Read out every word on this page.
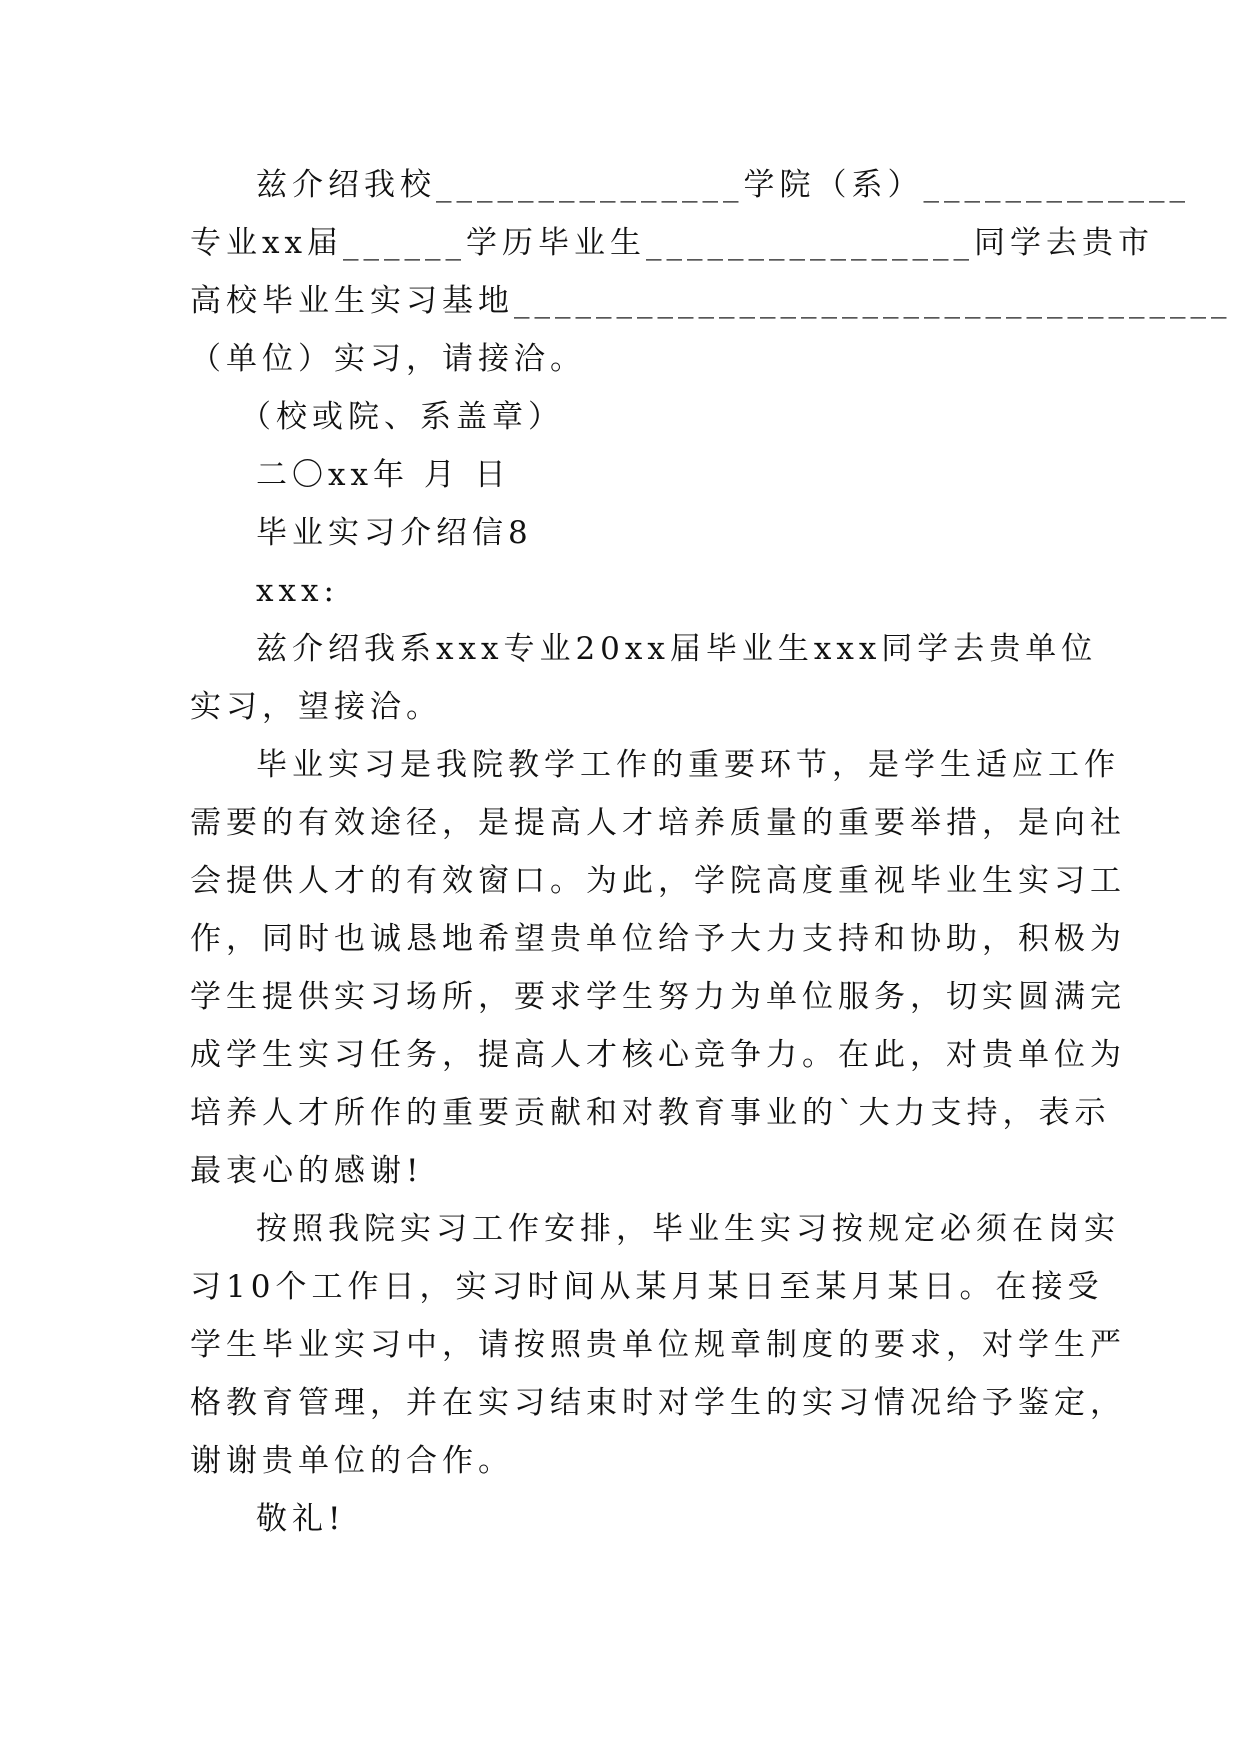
兹介绍我校_______________学院（系）_____________
专业xx届______学历毕业生________________同学去贵市
高校毕业生实习基地___________________________________
（单位）实习，请接洽。
（校或院、系盖章）
二〇xx年 月 日
毕业实习介绍信8
xxx:
兹介绍我系xxx专业20xx届毕业生xxx同学去贵单位
实习，望接洽。
毕业实习是我院教学工作的重要环节，是学生适应工作
需要的有效途径，是提高人才培养质量的重要举措，是向社
会提供人才的有效窗口。为此，学院高度重视毕业生实习工
作，同时也诚恳地希望贵单位给予大力支持和协助，积极为
学生提供实习场所，要求学生努力为单位服务，切实圆满完
成学生实习任务，提高人才核心竞争力。在此，对贵单位为
培养人才所作的重要贡献和对教育事业的`大力支持，表示
最衷心的感谢!
按照我院实习工作安排，毕业生实习按规定必须在岗实
习10个工作日，实习时间从某月某日至某月某日。在接受
学生毕业实习中，请按照贵单位规章制度的要求，对学生严
格教育管理，并在实习结束时对学生的实习情况给予鉴定，
谢谢贵单位的合作。
敬礼!
